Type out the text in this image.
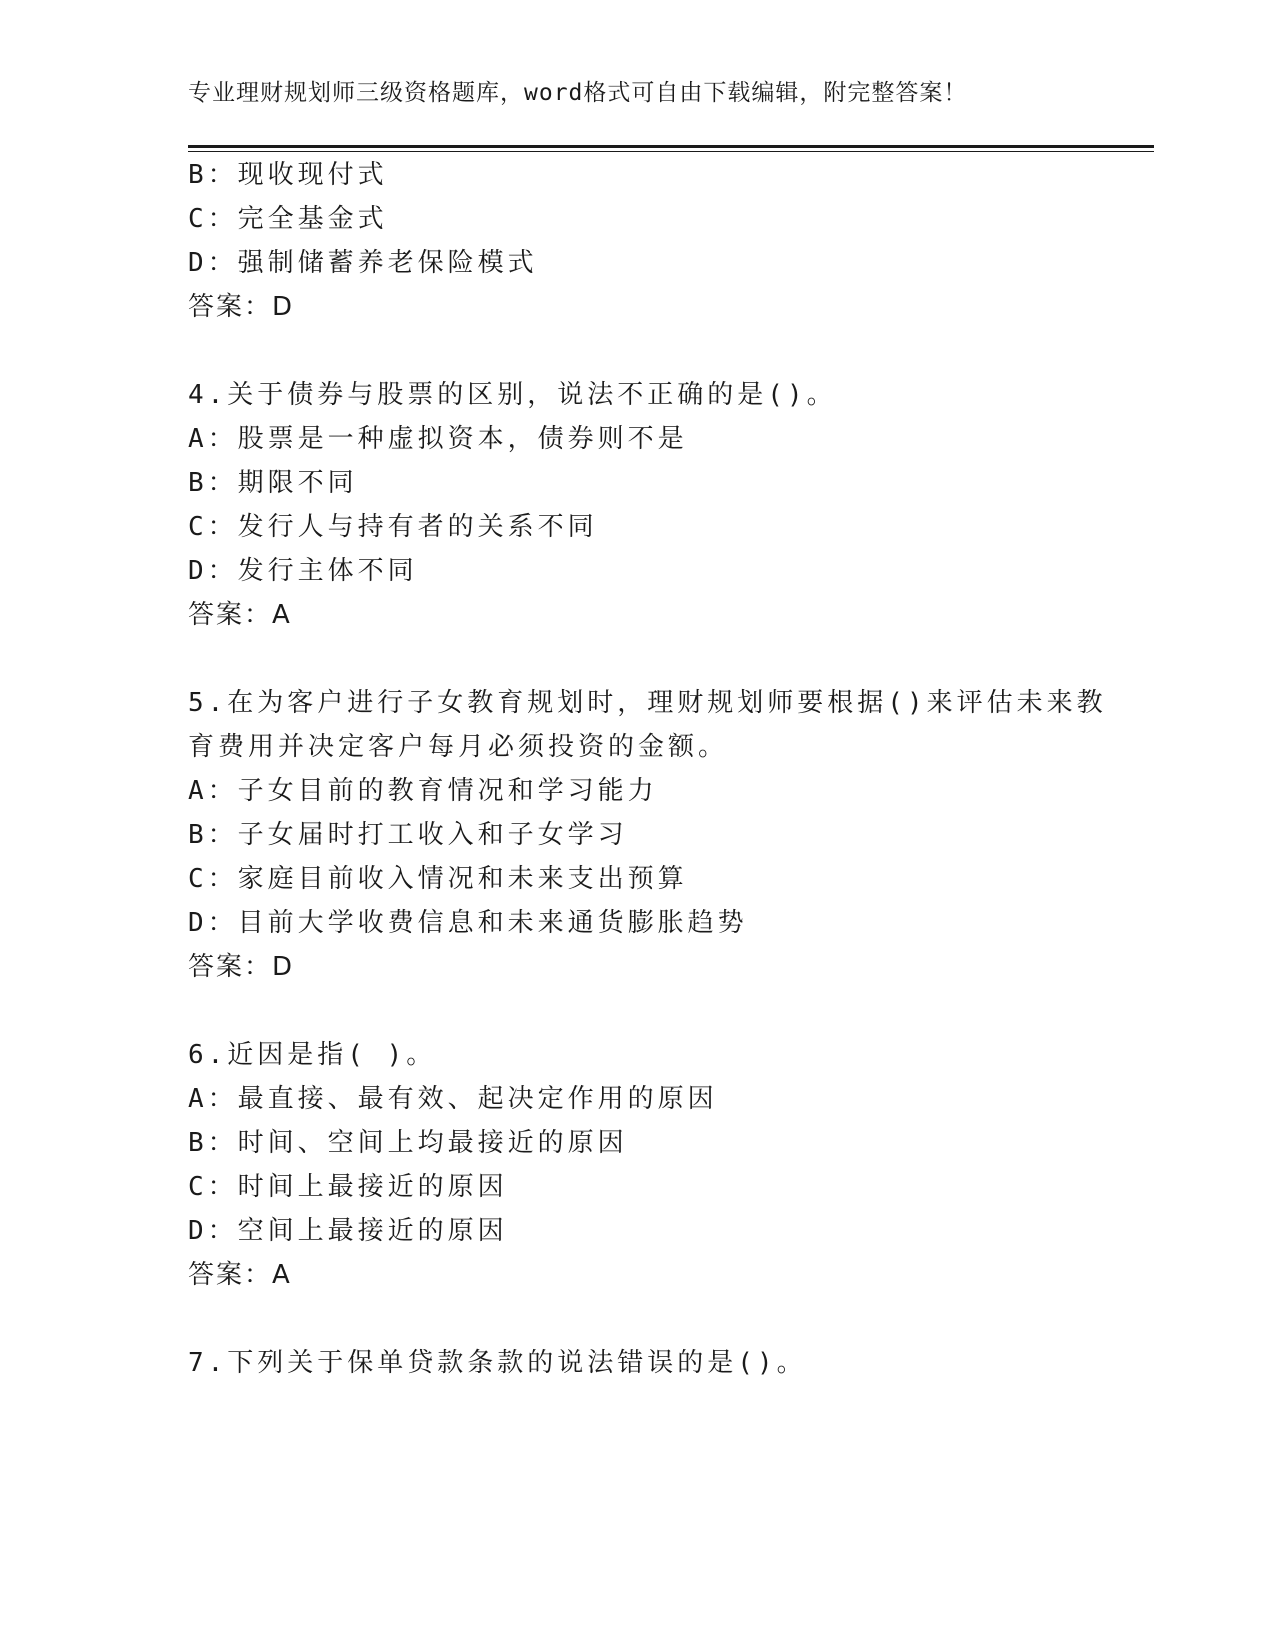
专业理财规划师三级资格题库，word格式可自由下载编辑，附完整答案！
B：现收现付式
C：完全基金式
D：强制储蓄养老保险模式
答案：D
4.关于债券与股票的区别，说法不正确的是()。
A：股票是一种虚拟资本，债券则不是
B：期限不同
C：发行人与持有者的关系不同
D：发行主体不同
答案：A
5.在为客户进行子女教育规划时，理财规划师要根据()来评估未来教
育费用并决定客户每月必须投资的金额。
A：子女目前的教育情况和学习能力
B：子女届时打工收入和子女学习
C：家庭目前收入情况和未来支出预算
D：目前大学收费信息和未来通货膨胀趋势
答案：D
6.近因是指( )。
A：最直接、最有效、起决定作用的原因
B：时间、空间上均最接近的原因
C：时间上最接近的原因
D：空间上最接近的原因
答案：A
7.下列关于保单贷款条款的说法错误的是()。
